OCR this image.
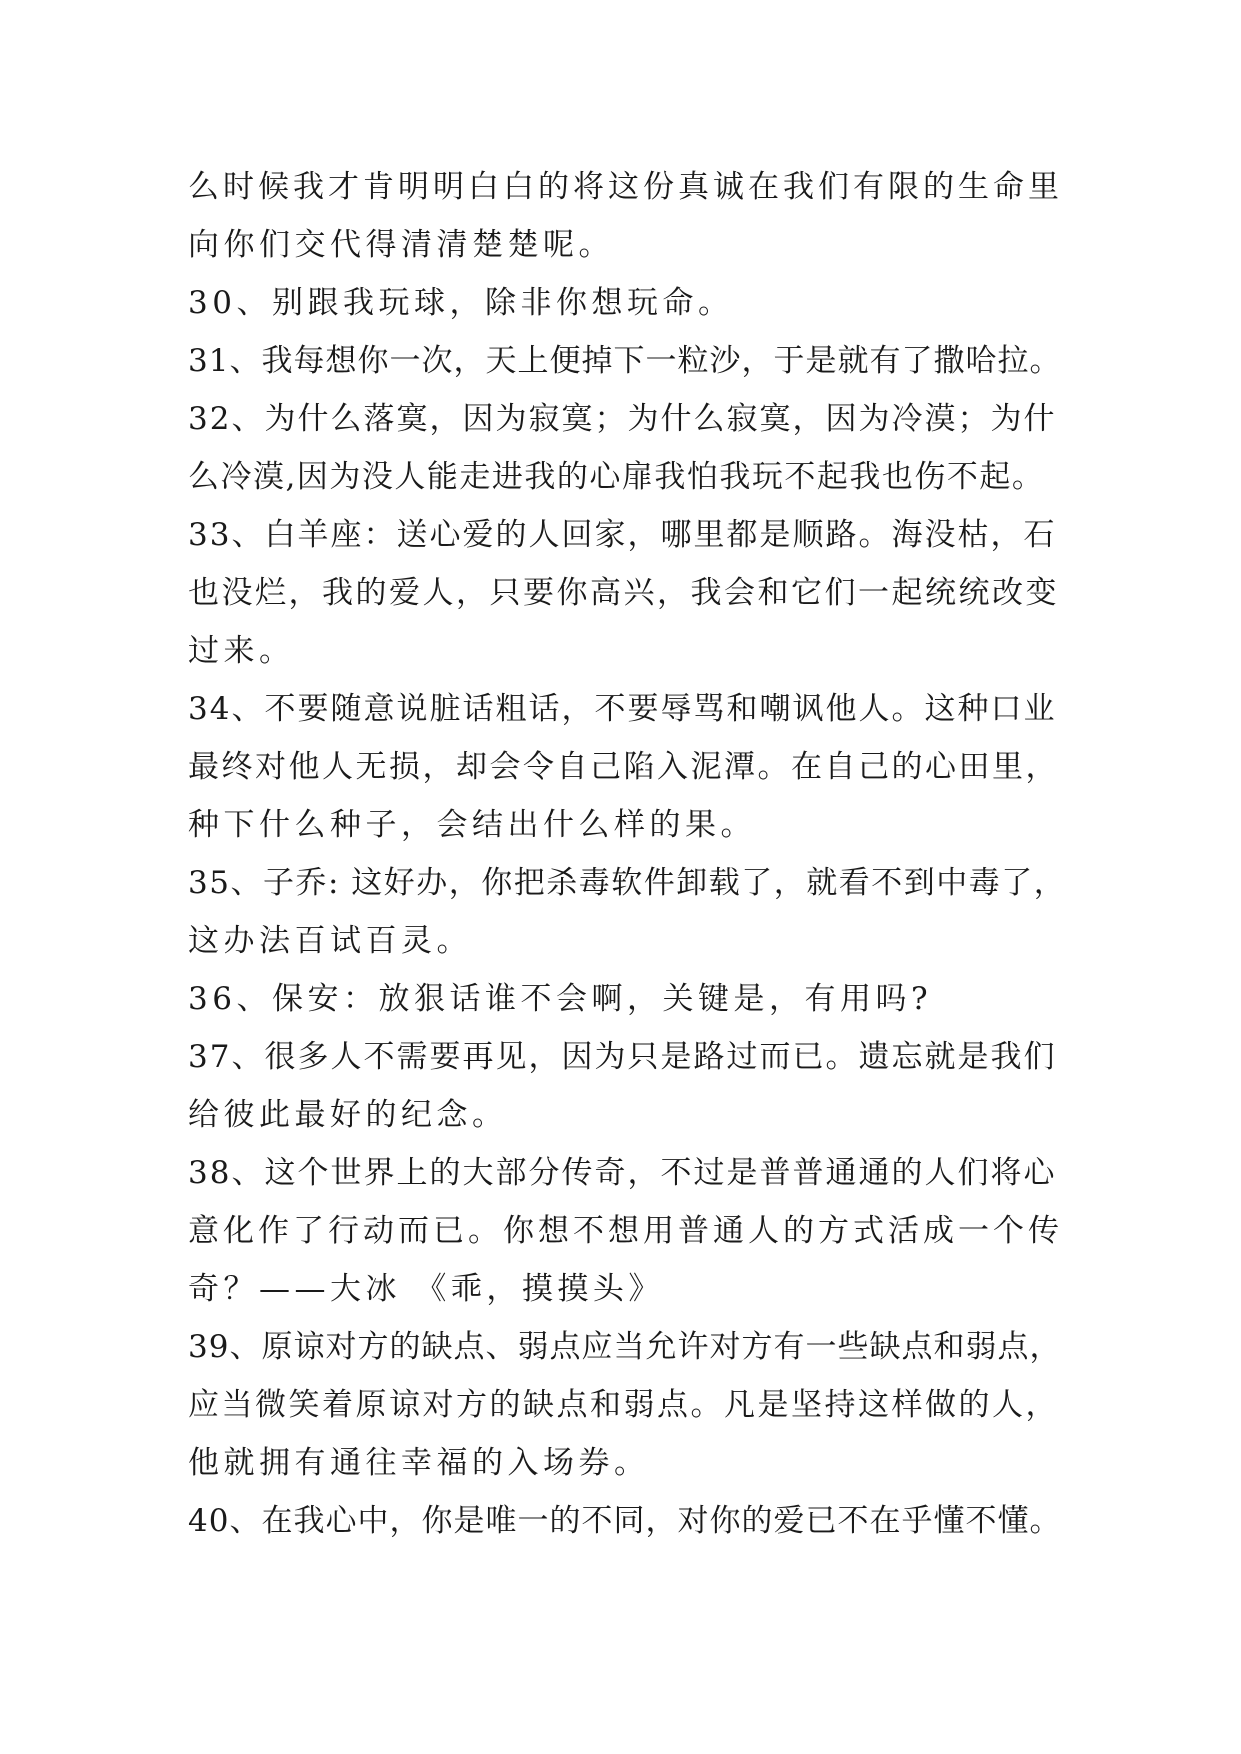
么时候我才肯明明白白的将这份真诚在我们有限的生命里
向你们交代得清清楚楚呢。
30、别跟我玩球，除非你想玩命。
31、我每想你一次，天上便掉下一粒沙，于是就有了撒哈拉。
32、为什么落寞，因为寂寞；为什么寂寞，因为冷漠；为什
么冷漠,因为没人能走进我的心扉我怕我玩不起我也伤不起。
33、白羊座：送心爱的人回家，哪里都是顺路。海没枯，石
也没烂，我的爱人，只要你高兴，我会和它们一起统统改变
过来。
34、不要随意说脏话粗话，不要辱骂和嘲讽他人。这种口业
最终对他人无损，却会令自己陷入泥潭。在自己的心田里，
种下什么种子，会结出什么样的果。
35、子乔: 这好办，你把杀毒软件卸载了，就看不到中毒了，
这办法百试百灵。
36、保安：放狠话谁不会啊，关键是，有用吗?
37、很多人不需要再见，因为只是路过而已。遗忘就是我们
给彼此最好的纪念。
38、这个世界上的大部分传奇，不过是普普通通的人们将心
意化作了行动而已。你想不想用普通人的方式活成一个传
奇？——大冰 《乖，摸摸头》
39、原谅对方的缺点、弱点应当允许对方有一些缺点和弱点，
应当微笑着原谅对方的缺点和弱点。凡是坚持这样做的人，
他就拥有通往幸福的入场券。
40、在我心中，你是唯一的不同，对你的爱已不在乎懂不懂。
